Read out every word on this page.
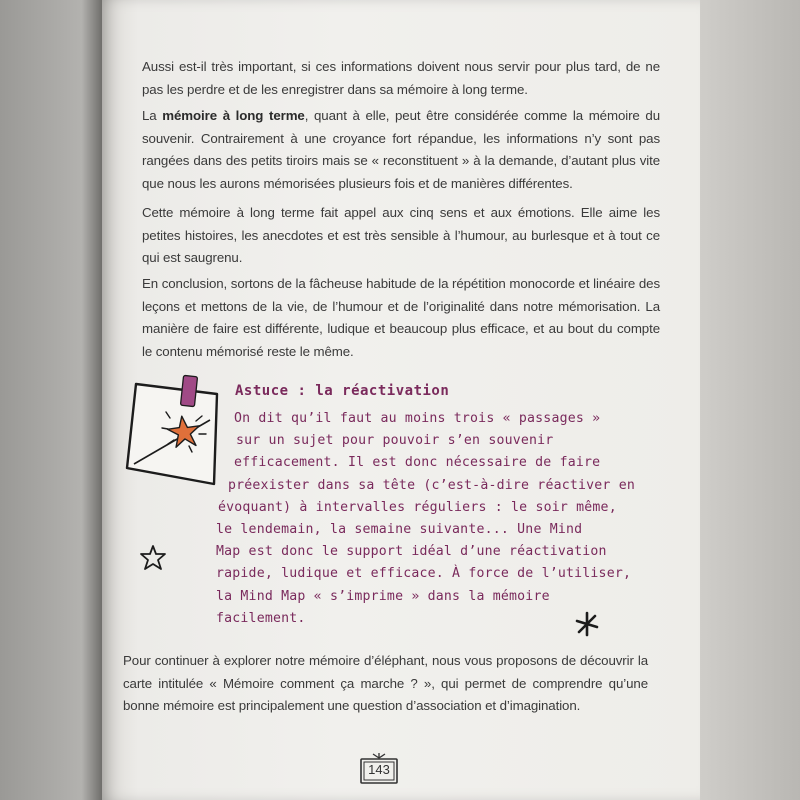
Aussi est-il très important, si ces informations doivent nous servir pour plus tard, de ne pas les perdre et de les enregistrer dans sa mémoire à long terme.

La mémoire à long terme, quant à elle, peut être considérée comme la mémoire du souvenir. Contrairement à une croyance fort répandue, les informations n’y sont pas rangées dans des petits tiroirs mais se « reconstituent » à la demande, d’autant plus vite que nous les aurons mémorisées plusieurs fois et de manières différentes.

Cette mémoire à long terme fait appel aux cinq sens et aux émotions. Elle aime les petites histoires, les anecdotes et est très sensible à l’humour, au burlesque et à tout ce qui est saugrenu.

En conclusion, sortons de la fâcheuse habitude de la répétition monocorde et linéaire des leçons et mettons de la vie, de l’humour et de l’originalité dans notre mémorisation. La manière de faire est différente, ludique et beaucoup plus efficace, et au bout du compte le contenu mémorisé reste le même.

Astuce : la réactivation
On dit qu’il faut au moins trois « passages »
sur un sujet pour pouvoir s’en souvenir
efficacement. Il est donc nécessaire de faire
préexister dans sa tête (c’est-à-dire réactiver en
évoquant) à intervalles réguliers : le soir même,
le lendemain, la semaine suivante... Une Mind
Map est donc le support idéal d’une réactivation
rapide, ludique et efficace. À force de l’utiliser,
la Mind Map « s’imprime » dans la mémoire
facilement.

Pour continuer à explorer notre mémoire d’éléphant, nous vous proposons de découvrir la carte intitulée « Mémoire comment ça marche ? », qui permet de comprendre qu’une bonne mémoire est principalement une question d’association et d’imagination.

143
